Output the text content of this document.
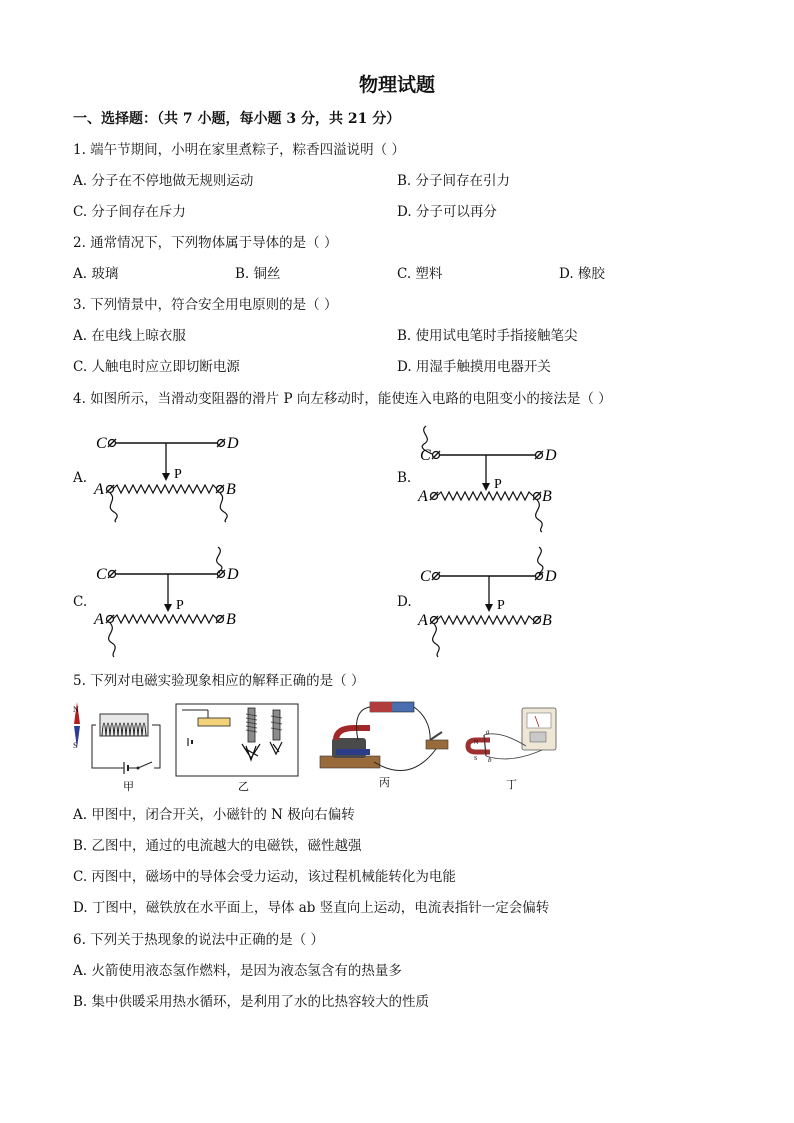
物理试题
一、选择题：（共 7 小题，每小题 3 分，共 21 分）
1. 端午节期间，小明在家里煮粽子，粽香四溢说明（ ）
A. 分子在不停地做无规则运动	B. 分子间存在引力
C. 分子间存在斥力	D. 分子可以再分
2. 通常情况下，下列物体属于导体的是（ ）
A. 玻璃	B. 铜丝	C. 塑料	D. 橡胶
3. 下列情景中，符合安全用电原则的是（ ）
A. 在电线上晾衣服	B. 使用试电笔时手指接触笔尖
C. 人触电时应立即切断电源	D. 用湿手触摸用电器开关
4. 如图所示，当滑动变阻器的滑片 P 向左移动时，能使连入电路的电阻变小的接法是（ ）
A.	B.
C.	D.
C	D
P
A	B
C	D
P
A	B
C	D
P
A	B
C	D
P
A	B
5. 下列对电磁实验现象相应的解释正确的是（ ）
N
S
甲	乙	丙
N
S
a
b
丁
A. 甲图中，闭合开关，小磁针的 N 极向右偏转
B. 乙图中，通过的电流越大的电磁铁，磁性越强
C. 丙图中，磁场中的导体会受力运动，该过程机械能转化为电能
D. 丁图中，磁铁放在水平面上，导体 ab 竖直向上运动，电流表指针一定会偏转
6. 下列关于热现象的说法中正确的是（ ）
A. 火箭使用液态氢作燃料，是因为液态氢含有的热量多
B. 集中供暖采用热水循环，是利用了水的比热容较大的性质
